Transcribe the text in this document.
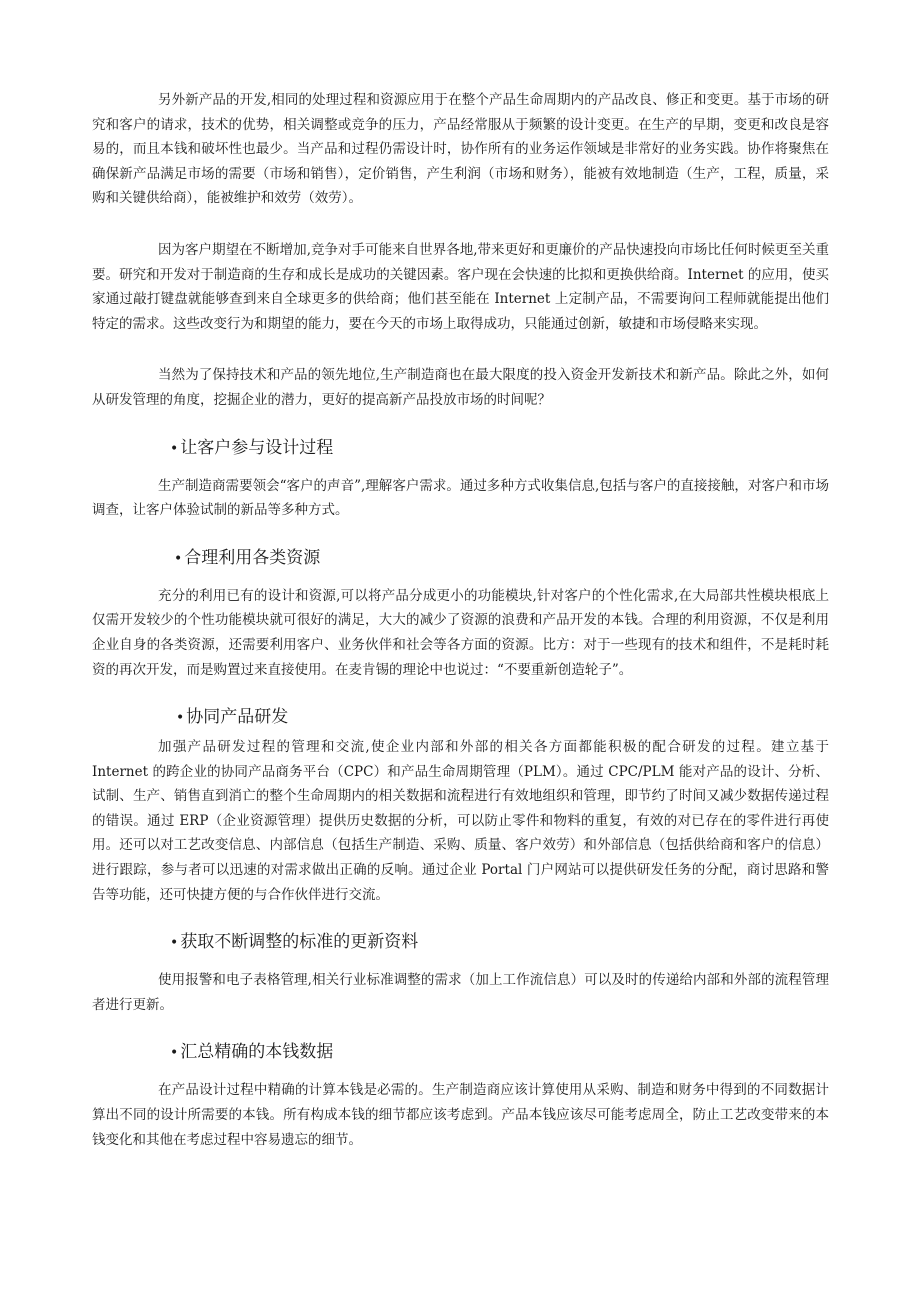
另外新产品的开发,相同的处理过程和资源应用于在整个产品生命周期内的产品改良、修正和变更。基于市场的研究和客户的请求，技术的优势，相关调整或竞争的压力，产品经常服从于频繁的设计变更。在生产的早期，变更和改良是容易的，而且本钱和破坏性也最少。当产品和过程仍需设计时，协作所有的业务运作领域是非常好的业务实践。协作将聚焦在确保新产品满足市场的需要（市场和销售），定价销售，产生利润（市场和财务），能被有效地制造（生产，工程，质量，采购和关键供给商），能被维护和效劳（效劳）。

因为客户期望在不断增加,竞争对手可能来自世界各地,带来更好和更廉价的产品快速投向市场比任何时候更至关重要。研究和开发对于制造商的生存和成长是成功的关键因素。客户现在会快速的比拟和更换供给商。Internet 的应用，使买家通过敲打键盘就能够查到来自全球更多的供给商；他们甚至能在 Internet 上定制产品，不需要询问工程师就能提出他们特定的需求。这些改变行为和期望的能力，要在今天的市场上取得成功，只能通过创新，敏捷和市场侵略来实现。

当然为了保持技术和产品的领先地位,生产制造商也在最大限度的投入资金开发新技术和新产品。除此之外，如何从研发管理的角度，挖掘企业的潜力，更好的提高新产品投放市场的时间呢？

• 让客户参与设计过程

生产制造商需要领会“客户的声音”,理解客户需求。通过多种方式收集信息,包括与客户的直接接触，对客户和市场调查，让客户体验试制的新品等多种方式。

• 合理利用各类资源

充分的利用已有的设计和资源,可以将产品分成更小的功能模块,针对客户的个性化需求,在大局部共性模块根底上仅需开发较少的个性功能模块就可很好的满足，大大的减少了资源的浪费和产品开发的本钱。合理的利用资源，不仅是利用企业自身的各类资源，还需要利用客户、业务伙伴和社会等各方面的资源。比方：对于一些现有的技术和组件，不是耗时耗资的再次开发，而是购置过来直接使用。在麦肯锡的理论中也说过：“不要重新创造轮子”。

• 协同产品研发

加强产品研发过程的管理和交流,使企业内部和外部的相关各方面都能积极的配合研发的过程。建立基于 Internet 的跨企业的协同产品商务平台（CPC）和产品生命周期管理（PLM）。通过 CPC/PLM 能对产品的设计、分析、试制、生产、销售直到消亡的整个生命周期内的相关数据和流程进行有效地组织和管理，即节约了时间又减少数据传递过程的错误。通过 ERP（企业资源管理）提供历史数据的分析，可以防止零件和物料的重复，有效的对已存在的零件进行再使用。还可以对工艺改变信息、内部信息（包括生产制造、采购、质量、客户效劳）和外部信息（包括供给商和客户的信息）进行跟踪，参与者可以迅速的对需求做出正确的反响。通过企业 Portal 门户网站可以提供研发任务的分配，商讨思路和警告等功能，还可快捷方便的与合作伙伴进行交流。

• 获取不断调整的标准的更新资料

使用报警和电子表格管理,相关行业标准调整的需求（加上工作流信息）可以及时的传递给内部和外部的流程管理者进行更新。

• 汇总精确的本钱数据

在产品设计过程中精确的计算本钱是必需的。生产制造商应该计算使用从采购、制造和财务中得到的不同数据计算出不同的设计所需要的本钱。所有构成本钱的细节都应该考虑到。产品本钱应该尽可能考虑周全，防止工艺改变带来的本钱变化和其他在考虑过程中容易遗忘的细节。
